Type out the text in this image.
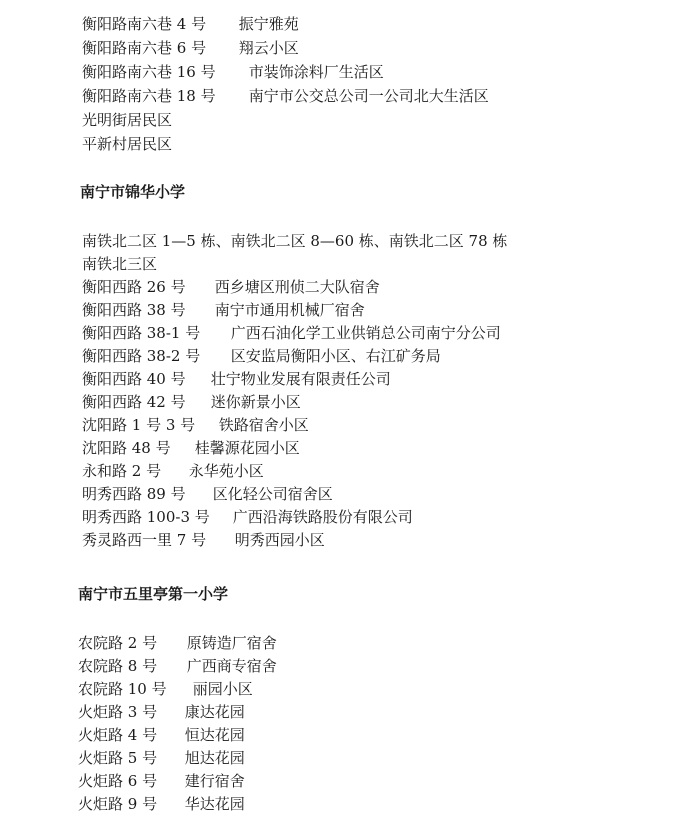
衡阳路南六巷 4 号 振宁雅苑
衡阳路南六巷 6 号 翔云小区
衡阳路南六巷 16 号 市装饰涂料厂生活区
衡阳路南六巷 18 号 南宁市公交总公司一公司北大生活区
光明街居民区
平新村居民区
南宁市锦华小学
南铁北二区 1—5 栋、南铁北二区 8—60 栋、南铁北二区 78 栋
南铁北三区
衡阳西路 26 号 西乡塘区刑侦二大队宿舍
衡阳西路 38 号 南宁市通用机械厂宿舍
衡阳西路 38-1 号 广西石油化学工业供销总公司南宁分公司
衡阳西路 38-2 号 区安监局衡阳小区、右江矿务局
衡阳西路 40 号 壮宁物业发展有限责任公司
衡阳西路 42 号 迷你新景小区
沈阳路 1 号 3 号 铁路宿舍小区
沈阳路 48 号 桂馨源花园小区
永和路 2 号 永华苑小区
明秀西路 89 号 区化轻公司宿舍区
明秀西路 100-3 号 广西沿海铁路股份有限公司
秀灵路西一里 7 号 明秀西园小区
南宁市五里亭第一小学
农院路 2 号 原铸造厂宿舍
农院路 8 号 广西商专宿舍
农院路 10 号 丽园小区
火炬路 3 号 康达花园
火炬路 4 号 恒达花园
火炬路 5 号 旭达花园
火炬路 6 号 建行宿舍
火炬路 9 号 华达花园
